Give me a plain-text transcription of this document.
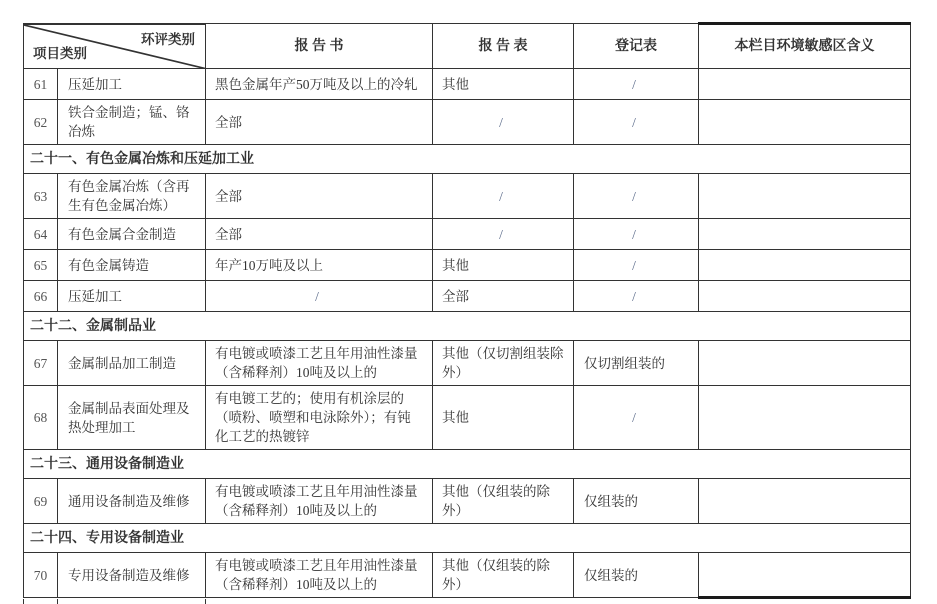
环评类别
项目类别		报 告 书	报 告 表	登记表	本栏目环境敏感区含义
61	压延加工	黑色金属年产50万吨及以上的冷轧	其他	/	
62	铁合金制造；锰、铬冶炼	全部	/	/	
二十一、有色金属冶炼和压延加工业					
63	有色金属冶炼（含再生有色金属冶炼）	全部	/	/	
64	有色金属合金制造	全部	/	/	
65	有色金属铸造	年产10万吨及以上	其他	/	
66	压延加工	/	全部	/	
二十二、金属制品业					
67	金属制品加工制造	有电镀或喷漆工艺且年用油性漆量（含稀释剂）10吨及以上的	其他（仅切割组装除外）	仅切割组装的	
68	金属制品表面处理及热处理加工	有电镀工艺的；使用有机涂层的（喷粉、喷塑和电泳除外）；有钝化工艺的热镀锌	其他	/	
二十三、通用设备制造业					
69	通用设备制造及维修	有电镀或喷漆工艺且年用油性漆量（含稀释剂）10吨及以上的	其他（仅组装的除外）	仅组装的	
二十四、专用设备制造业					
70	专用设备制造及维修	有电镀或喷漆工艺且年用油性漆量（含稀释剂）10吨及以上的	其他（仅组装的除外）	仅组装的	
